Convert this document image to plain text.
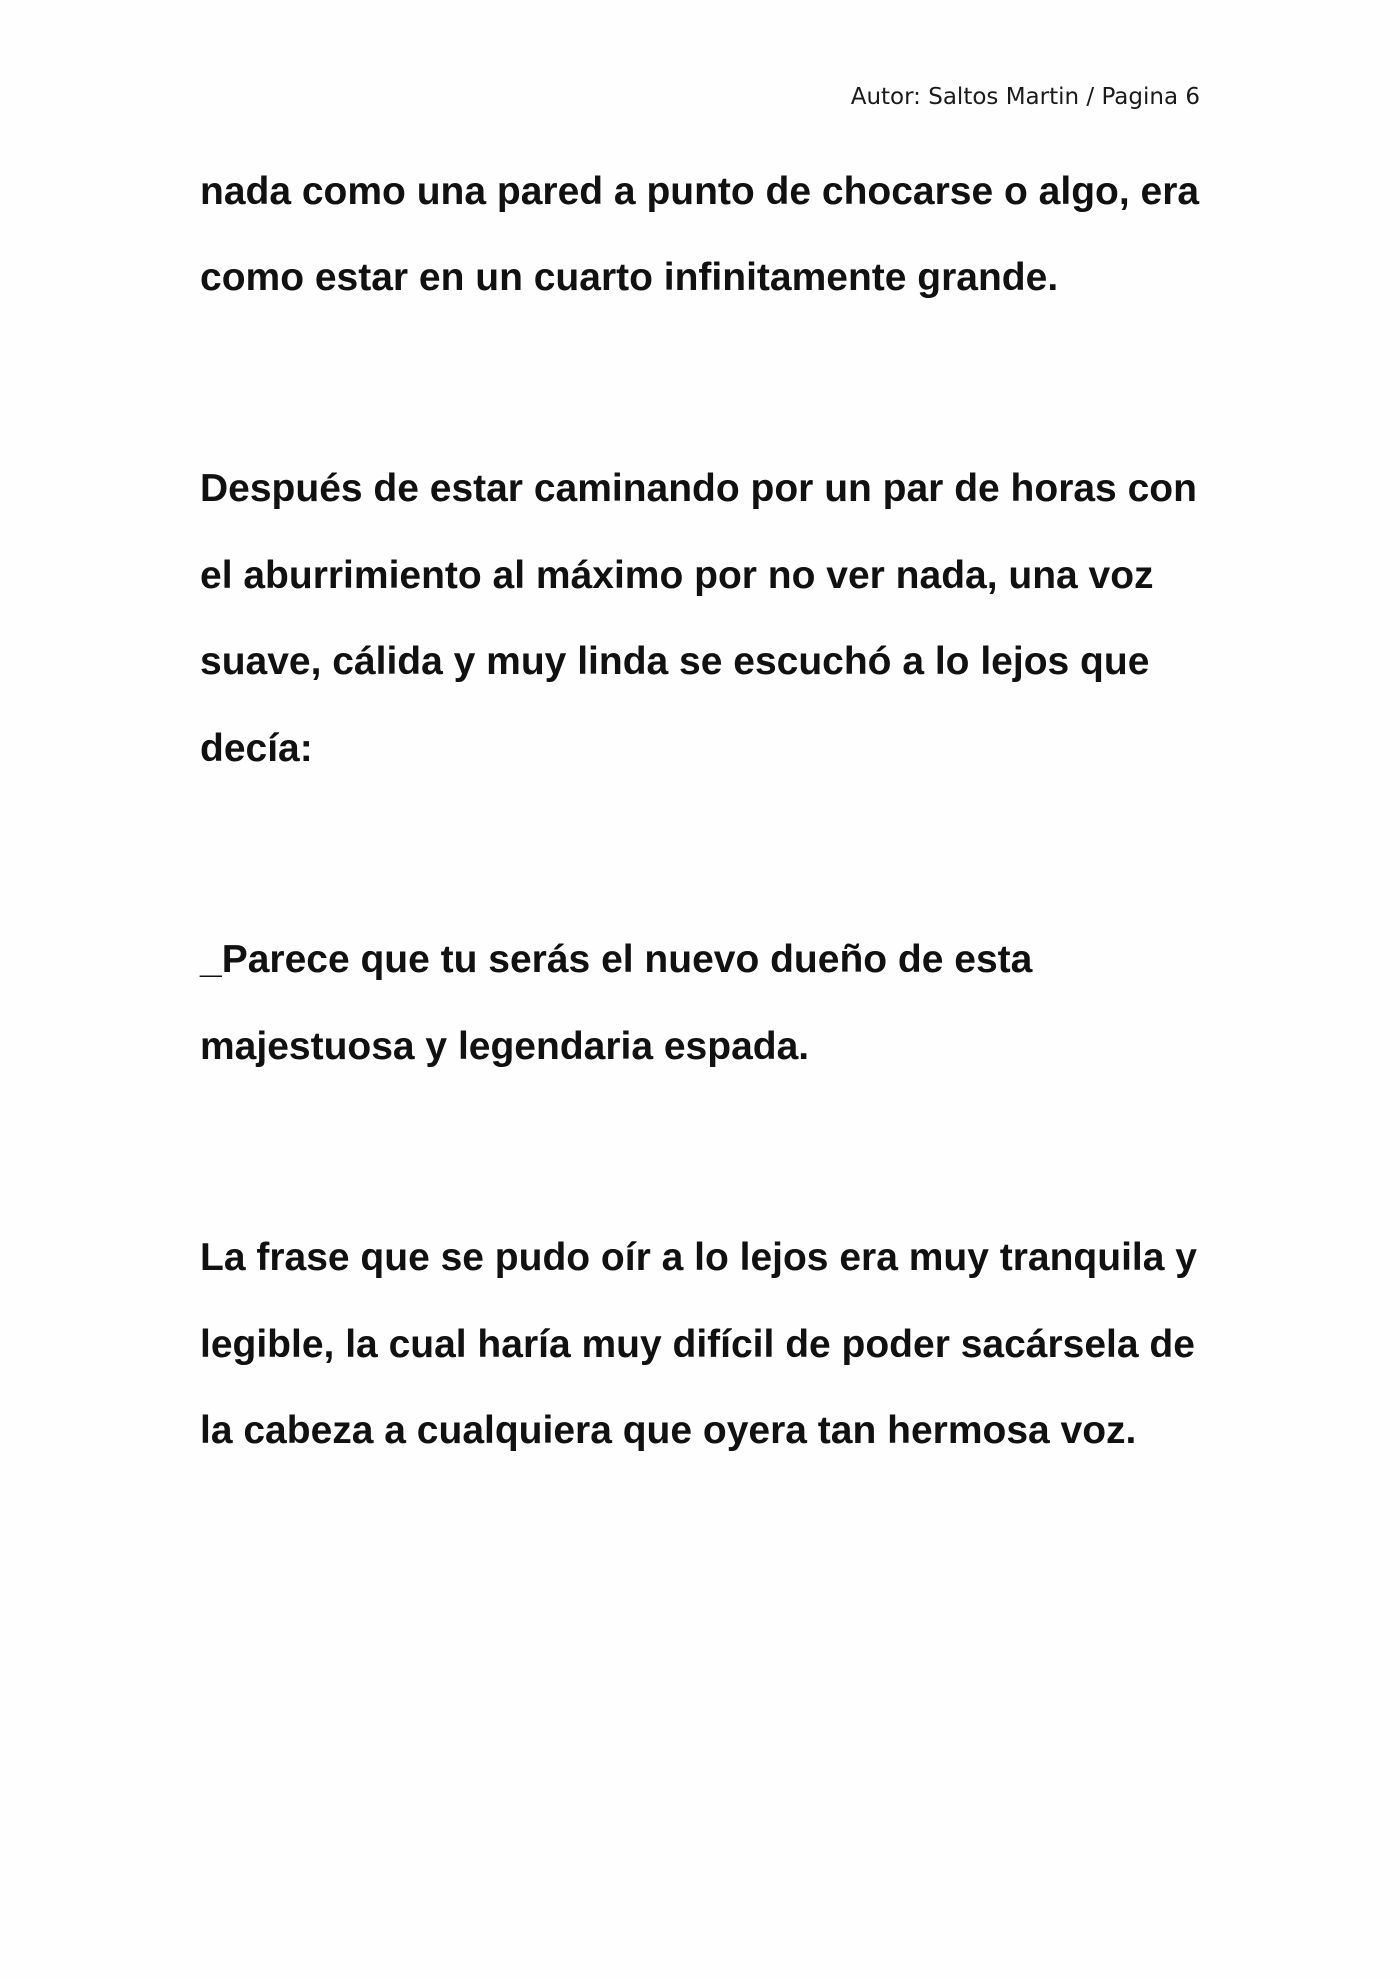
Autor: Saltos Martin / Pagina 6
nada como una pared a punto de chocarse o algo, era
como estar en un cuarto infinitamente grande.
Después de estar caminando por un par de horas con
el aburrimiento al máximo por no ver nada, una voz
suave, cálida y muy linda se escuchó a lo lejos que
decía:
_Parece que tu serás el nuevo dueño de esta
majestuosa y legendaria espada.
La frase que se pudo oír a lo lejos era muy tranquila y
legible, la cual haría muy difícil de poder sacársela de
la cabeza a cualquiera que oyera tan hermosa voz.
